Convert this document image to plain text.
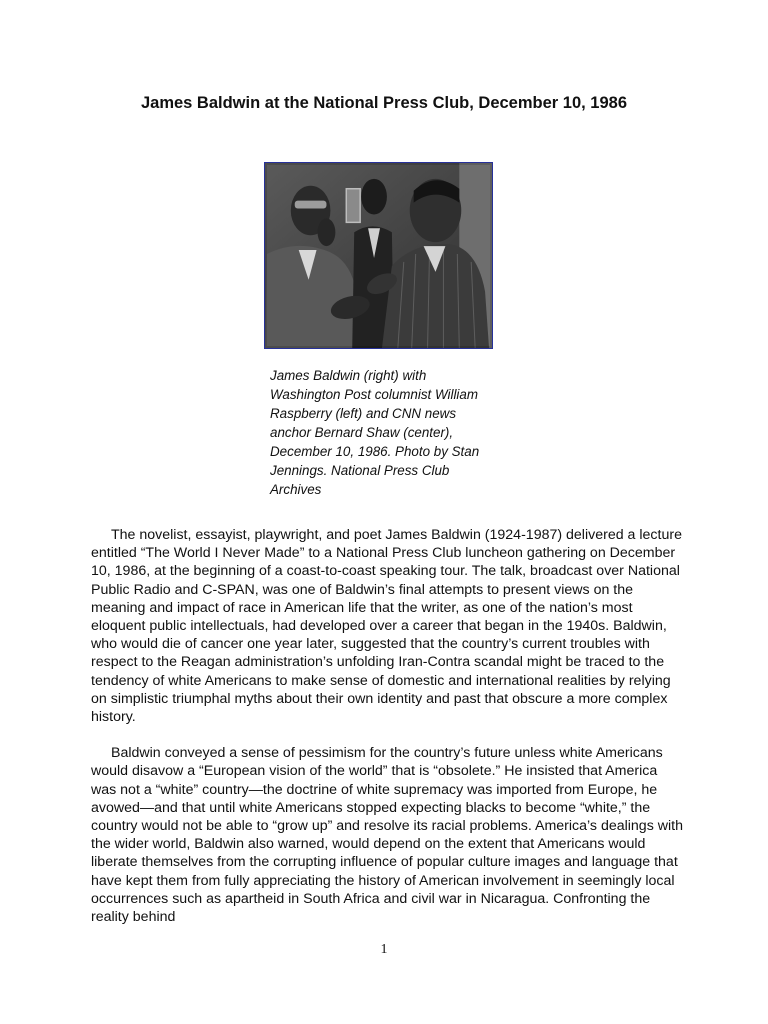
James Baldwin at the National Press Club, December 10, 1986

James Baldwin (right) with Washington Post columnist William Raspberry (left) and CNN news anchor Bernard Shaw (center), December 10, 1986. Photo by Stan Jennings. National Press Club Archives

The novelist, essayist, playwright, and poet James Baldwin (1924-1987) delivered a lecture entitled “The World I Never Made” to a National Press Club luncheon gathering on December 10, 1986, at the beginning of a coast-to-coast speaking tour. The talk, broadcast over National Public Radio and C-SPAN, was one of Baldwin’s final attempts to present views on the meaning and impact of race in American life that the writer, as one of the nation’s most eloquent public intellectuals, had developed over a career that began in the 1940s. Baldwin, who would die of cancer one year later, suggested that the country’s current troubles with respect to the Reagan administration’s unfolding Iran-Contra scandal might be traced to the tendency of white Americans to make sense of domestic and international realities by relying on simplistic triumphal myths about their own identity and past that obscure a more complex history.

Baldwin conveyed a sense of pessimism for the country’s future unless white Americans would disavow a “European vision of the world” that is “obsolete.” He insisted that America was not a “white” country—the doctrine of white supremacy was imported from Europe, he avowed—and that until white Americans stopped expecting blacks to become “white,” the country would not be able to “grow up” and resolve its racial problems. America’s dealings with the wider world, Baldwin also warned, would depend on the extent that Americans would liberate themselves from the corrupting influence of popular culture images and language that have kept them from fully appreciating the history of American involvement in seemingly local occurrences such as apartheid in South Africa and civil war in Nicaragua. Confronting the reality behind

1
